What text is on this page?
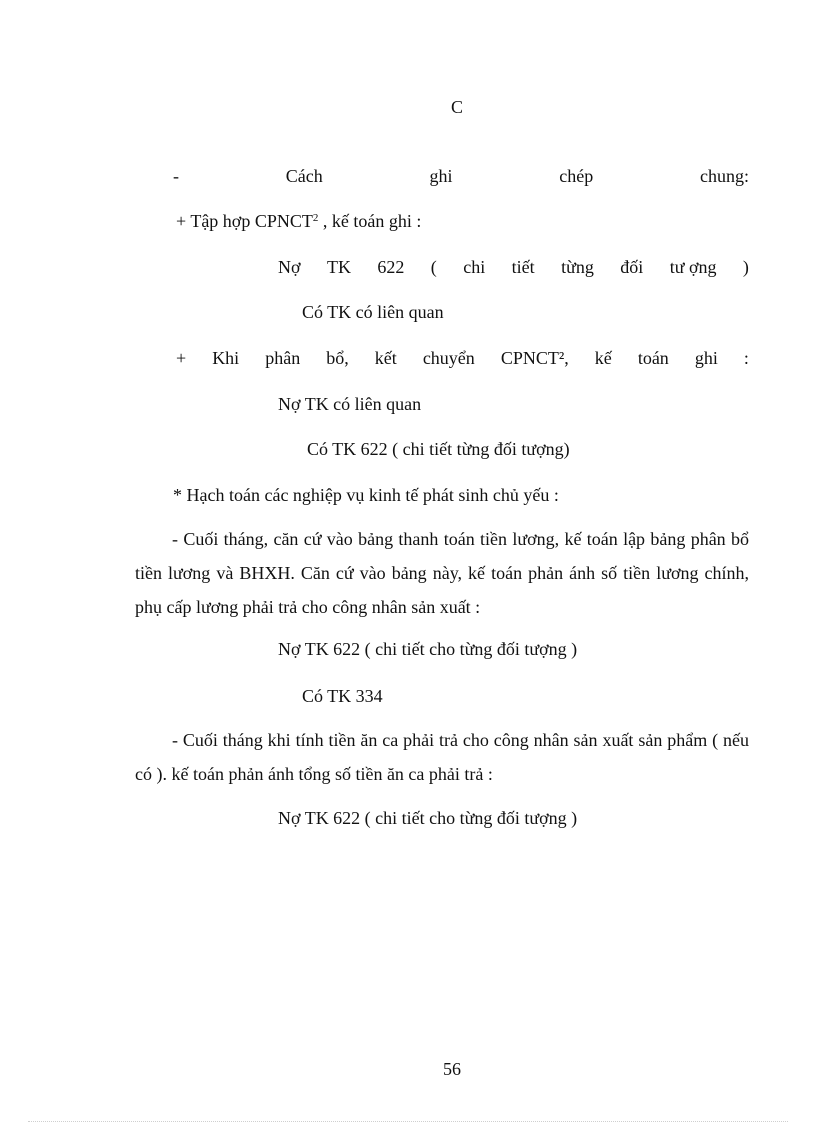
C
-	Cách	ghi	chép	chung:
+ Tập hợp CPNCT$^2$ , kế toán ghi :
Nợ TK 622 ( chi tiết từng đối tư ợng )
Có TK có liên quan
+ Khi phân bổ, kết chuyển CPNCT², kế toán ghi :
Nợ TK có liên quan
Có TK 622 ( chi tiết từng đối tượng)
* Hạch toán các nghiệp vụ kinh tế phát sinh chủ yếu :
- Cuối tháng, căn cứ vào bảng thanh toán tiền lương, kế toán lập bảng phân bổ tiền lương và BHXH. Căn cứ vào bảng này, kế toán phản ánh số tiền lương chính, phụ cấp lương phải trả cho công nhân sản xuất :
Nợ TK 622 ( chi tiết cho từng đối tượng )
Có TK 334
- Cuối tháng khi tính tiền ăn ca phải trả cho công nhân sản xuất sản phẩm ( nếu có ). kế toán phản ánh tổng số tiền ăn ca phải trả :
Nợ TK 622 ( chi tiết cho từng đối tượng )
56
